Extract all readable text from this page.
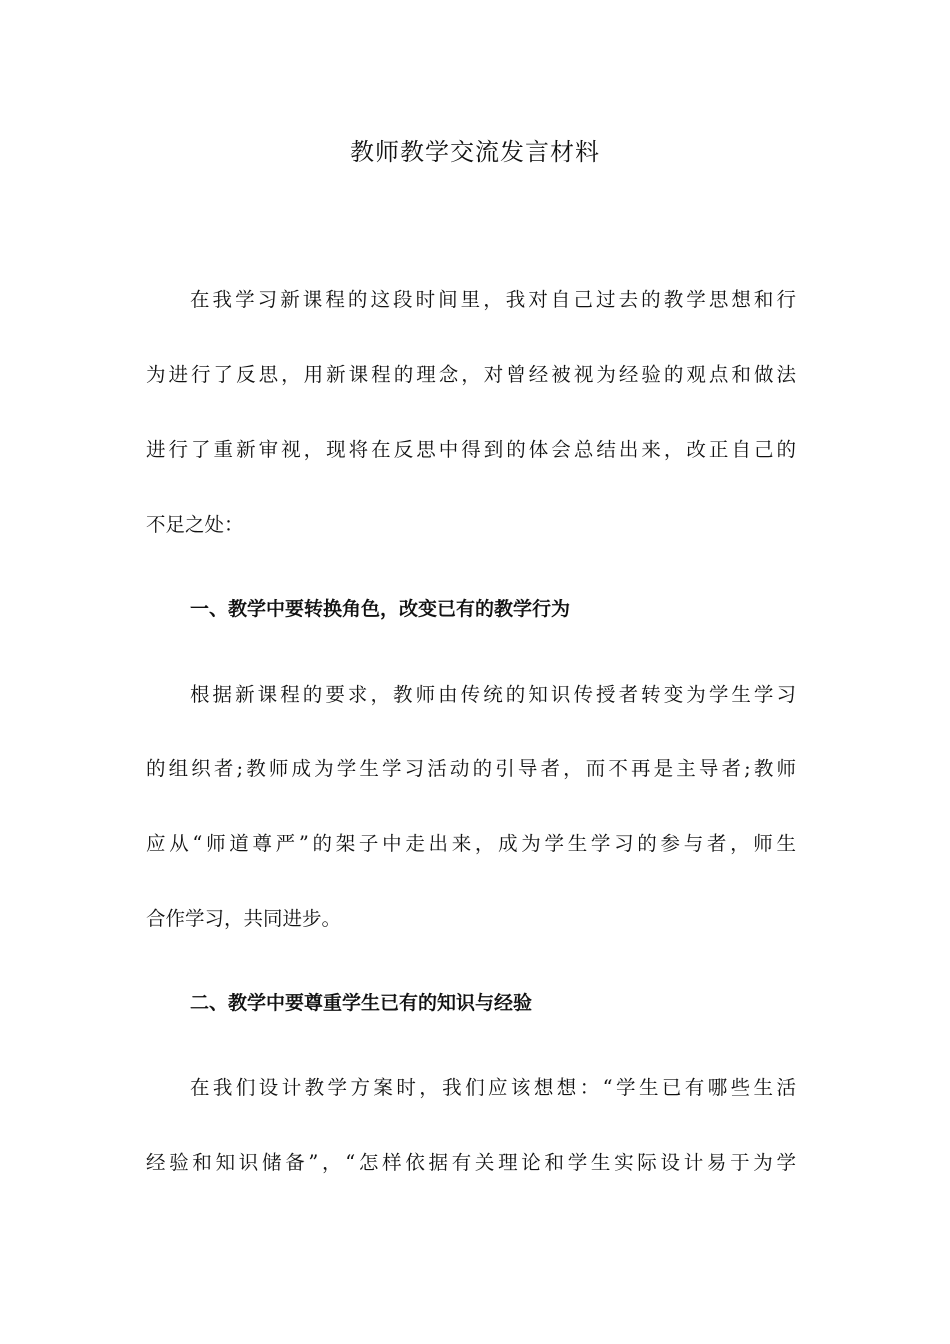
教师教学交流发言材料

在我学习新课程的这段时间里，我对自己过去的教学思想和行

为进行了反思，用新课程的理念，对曾经被视为经验的观点和做法

进行了重新审视，现将在反思中得到的体会总结出来，改正自己的

不足之处：

一、教学中要转换角色，改变已有的教学行为

根据新课程的要求，教师由传统的知识传授者转变为学生学习

的组织者;教师成为学生学习活动的引导者，而不再是主导者;教师

应从“师道尊严”的架子中走出来，成为学生学习的参与者，师生

合作学习，共同进步。

二、教学中要尊重学生已有的知识与经验

在我们设计教学方案时，我们应该想想：“学生已有哪些生活

经验和知识储备”，“怎样依据有关理论和学生实际设计易于为学
